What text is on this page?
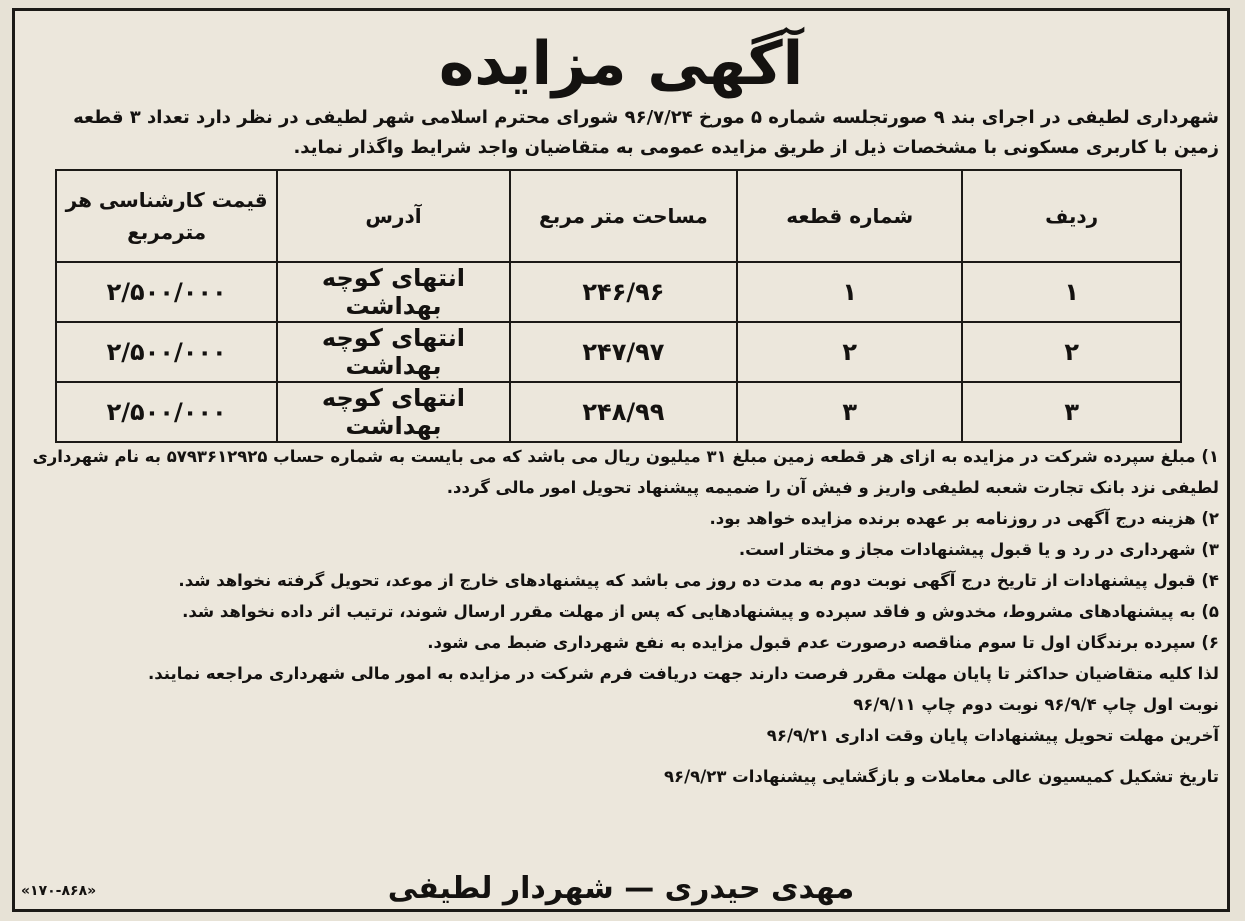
آگهی مزایده
شهرداری لطیفی در اجرای بند ۹ صورتجلسه شماره ۵ مورخ ۹۶/۷/۲۴ شورای محترم اسلامی شهر لطیفی در نظر دارد تعداد ۳ قطعه زمین با کاربری مسکونی با مشخصات ذیل از طریق مزایده عمومی به متقاضیان واجد شرایط واگذار نماید.
ردیف	شماره قطعه	مساحت متر مربع	آدرس	قیمت کارشناسی هر مترمربع
۱	۱	۲۴۶/۹۶	انتهای کوچه بهداشت	۲/۵۰۰/۰۰۰
۲	۲	۲۴۷/۹۷	انتهای کوچه بهداشت	۲/۵۰۰/۰۰۰
۳	۳	۲۴۸/۹۹	انتهای کوچه بهداشت	۲/۵۰۰/۰۰۰

۱) مبلغ سپرده شرکت در مزایده به ازای هر قطعه زمین مبلغ ۳۱ میلیون ریال می باشد که می بایست به شماره حساب ۵۷۹۳۶۱۲۹۲۵ به نام شهرداری لطیفی نزد بانک تجارت شعبه لطیفی واریز و فیش آن را ضمیمه پیشنهاد تحویل امور مالی گردد.

۲) هزینه درج آگهی در روزنامه بر عهده برنده مزایده خواهد بود.

۳) شهرداری در رد و یا قبول پیشنهادات مجاز و مختار است.

۴) قبول پیشنهادات از تاریخ درج آگهی نوبت دوم به مدت ده روز می باشد که پیشنهادهای خارج از موعد، تحویل گرفته نخواهد شد.

۵) به پیشنهادهای مشروط، مخدوش و فاقد سپرده و پیشنهادهایی که پس از مهلت مقرر ارسال شوند، ترتیب اثر داده نخواهد شد.

۶) سپرده برندگان اول تا سوم مناقصه درصورت عدم قبول مزایده به نفع شهرداری ضبط می شود.

لذا کلیه متقاضیان حداکثر تا پایان مهلت مقرر فرصت دارند جهت دریافت فرم شرکت در مزایده به امور مالی شهرداری مراجعه نمایند.

نوبت اول چاپ ۹۶/۹/۴ نوبت دوم چاپ ۹۶/۹/۱۱

آخرین مهلت تحویل پیشنهادات پایان وقت اداری ۹۶/۹/۲۱

تاریخ تشکیل کمیسیون عالی معاملات و بازگشایی پیشنهادات ۹۶/۹/۲۳

مهدی حیدری — شهردار لطیفی
«۱۷۰-۸۶۸»
